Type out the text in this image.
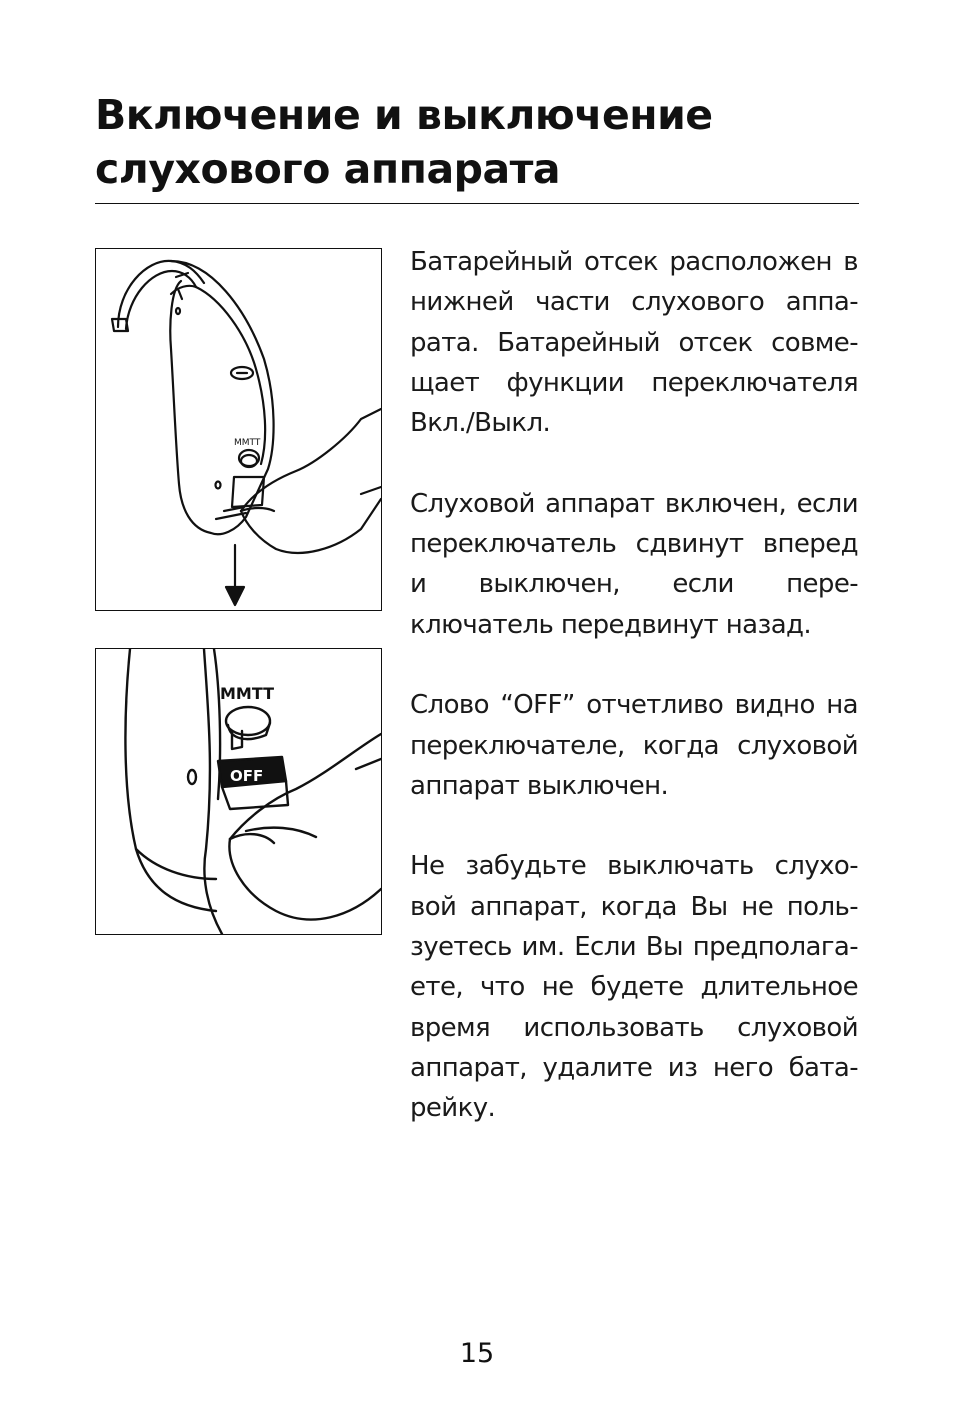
Включение и выключение
слухового аппарата
MMTT
MMTT
OFF

Батарейный отсек расположен в нижней части слухового аппа-рата. Батарейный отсек совме-щает функции переключателя Вкл./Выкл.

Слуховой аппарат включен, если переключатель сдвинут вперед и выключен, если пере-ключатель передвинут назад.

Слово “OFF” отчетливо видно на переключателе, когда слуховой аппарат выключен.

Не забудьте выключать слухо-вой аппарат, когда Вы не поль-зуетесь им. Если Вы предполага-ете, что не будете длительное время использовать слуховой аппарат, удалите из него бата-рейку.

15
